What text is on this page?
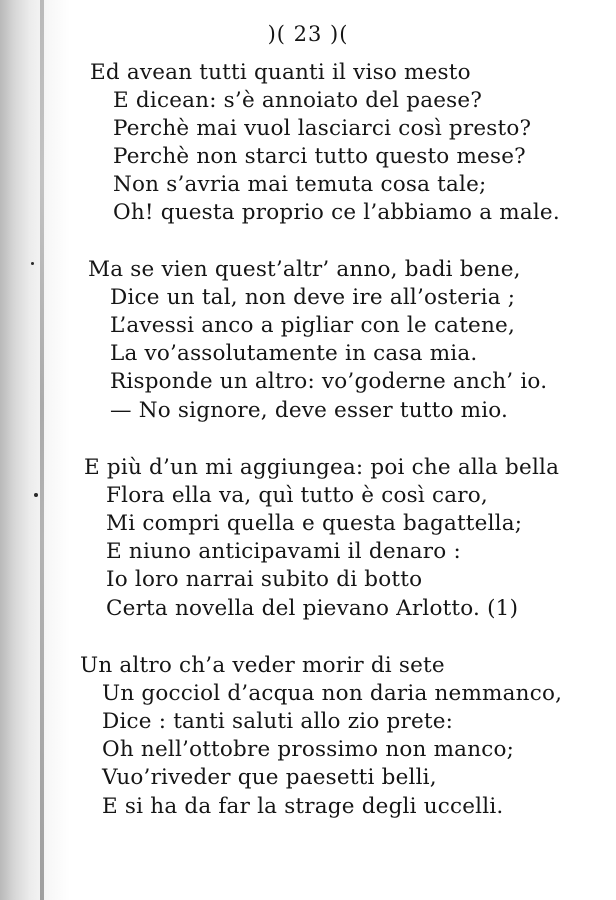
)( 23 )(
Ed avean tutti quanti il viso mesto
E dicean: s’è annoiato del paese?
Perchè mai vuol lasciarci così presto?
Perchè non starci tutto questo mese?
Non s’avria mai temuta cosa tale;
Oh! questa proprio ce l’abbiamo a male.
Ma se vien quest’altr’ anno, badi bene,
Dice un tal, non deve ire all’osteria ;
L’avessi anco a pigliar con le catene,
La vo’assolutamente in casa mia.
Risponde un altro: vo’goderne anch’ io.
— No signore, deve esser tutto mio.
E più d’un mi aggiungea: poi che alla bella
Flora ella va, quì tutto è così caro,
Mi compri quella e questa bagattella;
E niuno anticipavami il denaro :
Io loro narrai subito di botto
Certa novella del pievano Arlotto. (1)
Un altro ch’a veder morir di sete
Un gocciol d’acqua non daria nemmanco,
Dice : tanti saluti allo zio prete:
Oh nell’ottobre prossimo non manco;
Vuo’riveder que paesetti belli,
E si ha da far la strage degli uccelli.
